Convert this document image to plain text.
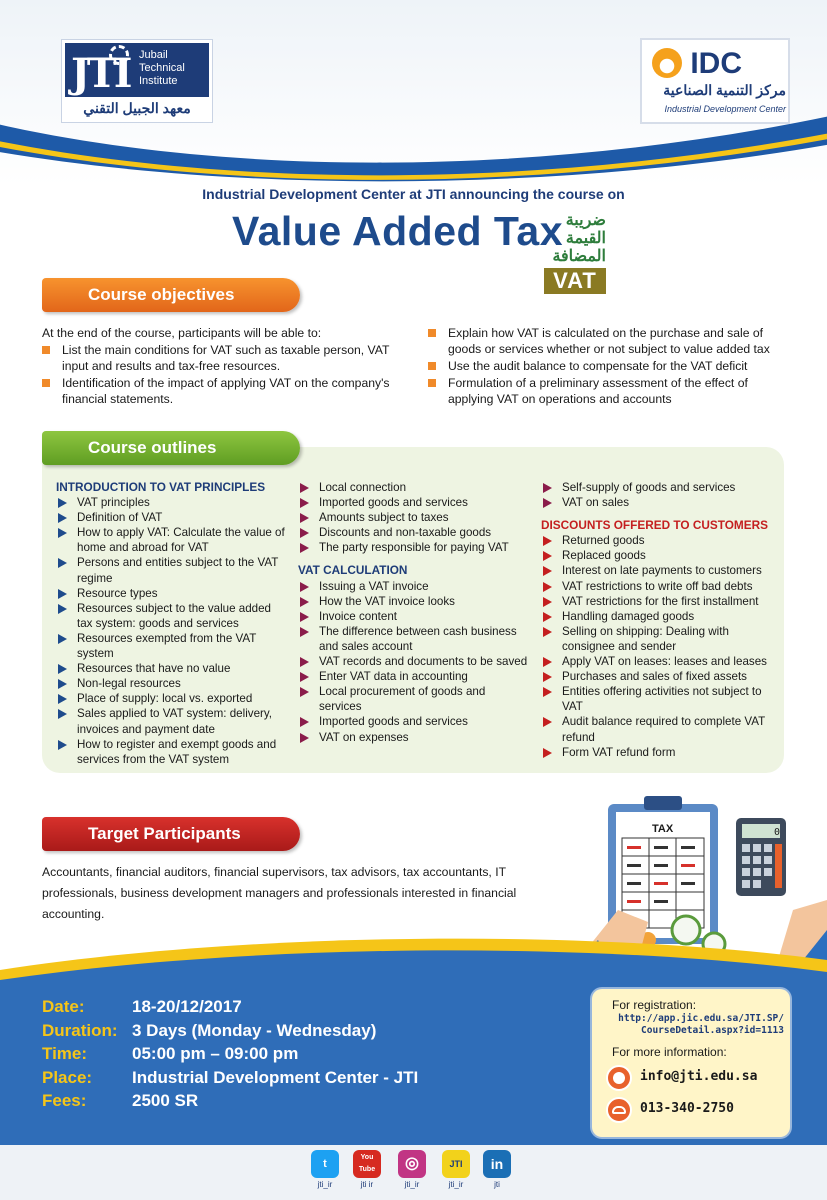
JTI Jubail
Technical
Institute
معهد الجبيل التقني
IDC
مركز التنمية الصناعية
Industrial Development Center
Industrial Development Center at JTI announcing the course on
Value Added Tax ضريبة
القيمة
المضافة
VAT
Course objectives
At the end of the course, participants will be able to:
List the main conditions for VAT such as taxable person, VAT input and results and tax-free resources.
Identification of the impact of applying VAT on the company's financial statements.
Explain how VAT is calculated on the purchase and sale of goods or services whether or not subject to value added tax
Use the audit balance to compensate for the VAT deficit
Formulation of a preliminary assessment of the effect of applying VAT on operations and accounts
Course outlines
INTRODUCTION TO VAT PRINCIPLES
VAT principles
Definition of VAT
How to apply VAT: Calculate the value of home and abroad for VAT
Persons and entities subject to the VAT regime
Resource types
Resources subject to the value added tax system: goods and services
Resources exempted from the VAT system
Resources that have no value
Non-legal resources
Place of supply: local vs. exported
Sales applied to VAT system: delivery, invoices and payment date
How to register and exempt goods and services from the VAT system
Local connection
Imported goods and services
Amounts subject to taxes
Discounts and non-taxable goods
The party responsible for paying VAT
VAT CALCULATION
Issuing a VAT invoice
How the VAT invoice looks
Invoice content
The difference between cash business and sales account
VAT records and documents to be saved
Enter VAT data in accounting
Local procurement of goods and services
Imported goods and services
VAT on expenses
Self-supply of goods and services
VAT on sales
DISCOUNTS OFFERED TO CUSTOMERS
Returned goods
Replaced goods
Interest on late payments to customers
VAT restrictions to write off bad debts
VAT restrictions for the first installment
Handling damaged goods
Selling on shipping: Dealing with consignee and sender
Apply VAT on leases: leases and leases
Purchases and sales of fixed assets
Entities offering activities not subject to VAT
Audit balance required to complete VAT refund
Form VAT refund form
Target Participants
Accountants, financial auditors, financial supervisors, tax advisors, tax accountants, IT professionals, business development managers and professionals interested in financial accounting.
TAX	0
Date:	18-20/12/2017
Duration: 3 Days (Monday - Wednesday)
Time:	05:00 pm – 09:00 pm
Place: Industrial Development Center - JTI
Fees:	2500 SR
For registration:
http://app.jic.edu.sa/JTI.SP/
CourseDetail.aspx?id=1113
For more information:
info@jti.edu.sa
013-340-2750
t
jti_ir
You Tube
jti ir
◎
jti_ir
JTI
jti_ir
in
jti
